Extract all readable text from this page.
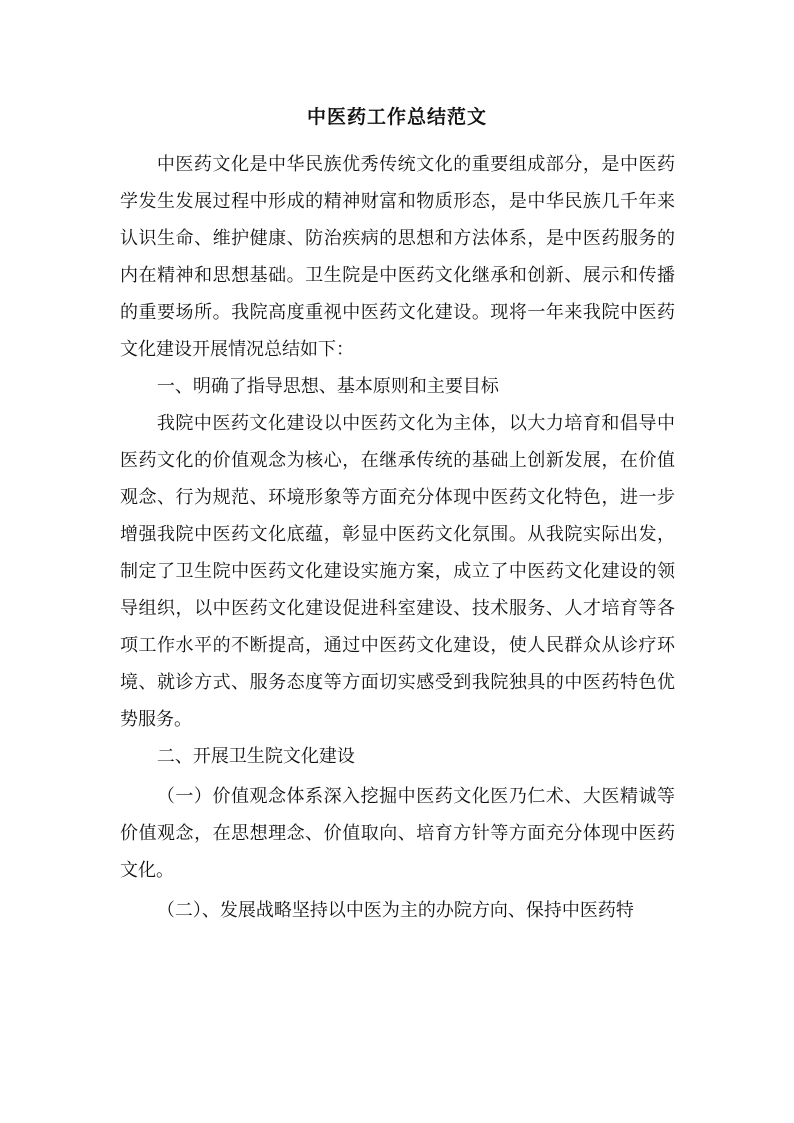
中医药工作总结范文

中医药文化是中华民族优秀传统文化的重要组成部分，是中医药学发生发展过程中形成的精神财富和物质形态，是中华民族几千年来认识生命、维护健康、防治疾病的思想和方法体系，是中医药服务的内在精神和思想基础。卫生院是中医药文化继承和创新、展示和传播的重要场所。我院高度重视中医药文化建设。现将一年来我院中医药文化建设开展情况总结如下：

一、明确了指导思想、基本原则和主要目标

我院中医药文化建设以中医药文化为主体，以大力培育和倡导中医药文化的价值观念为核心，在继承传统的基础上创新发展，在价值观念、行为规范、环境形象等方面充分体现中医药文化特色，进一步增强我院中医药文化底蕴，彰显中医药文化氛围。从我院实际出发，制定了卫生院中医药文化建设实施方案，成立了中医药文化建设的领导组织，以中医药文化建设促进科室建设、技术服务、人才培育等各项工作水平的不断提高，通过中医药文化建设，使人民群众从诊疗环境、就诊方式、服务态度等方面切实感受到我院独具的中医药特色优势服务。

二、开展卫生院文化建设

（一）价值观念体系深入挖掘中医药文化医乃仁术、大医精诚等价值观念，在思想理念、价值取向、培育方针等方面充分体现中医药文化。

（二）、发展战略坚持以中医为主的办院方向、保持中医药特
